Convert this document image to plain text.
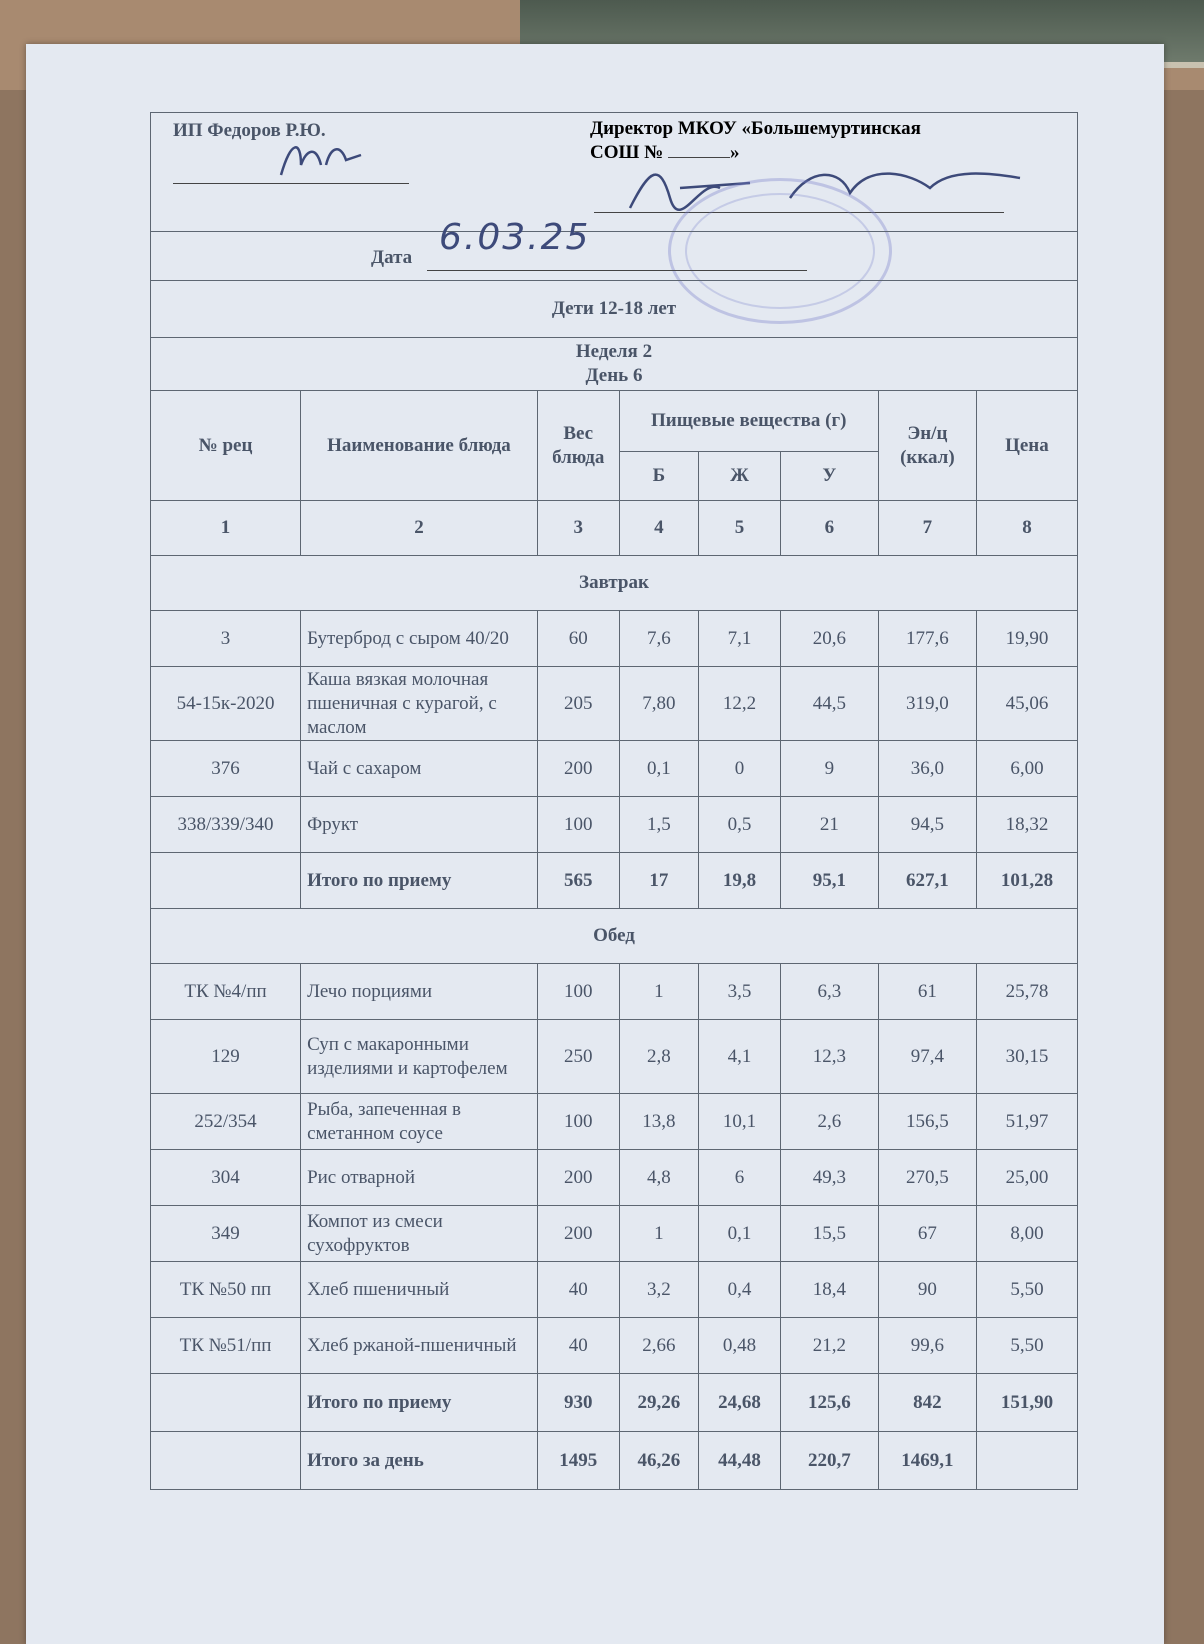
Директор МКОУ «Большемуртинская
СОШ №	»
ИП Федоров Р.Ю.							

Дата 6.03.25							

Дети 12-18 лет							

Неделя 2
День 6							

№ рец	Наименование блюда	Вес блюда	Пищевые вещества (г)			Эн/ц (ккал)	Цена
			Б	Ж	У		
1	2	3	4	5	6	7	8
Завтрак							
3	Бутерброд с сыром 40/20	60	7,6	7,1	20,6	177,6	19,90
54-15к-2020	Каша вязкая молочная пшеничная с курагой, с маслом	205	7,80	12,2	44,5	319,0	45,06
376	Чай с сахаром	200	0,1	0	9	36,0	6,00
338/339/340	Фрукт	100	1,5	0,5	21	94,5	18,32
	Итого по приему	565	17	19,8	95,1	627,1	101,28
Обед							
ТК №4/пп	Лечо порциями	100	1	3,5	6,3	61	25,78
129	Суп с макаронными изделиями и картофелем	250	2,8	4,1	12,3	97,4	30,15
252/354	Рыба, запеченная в сметанном соусе	100	13,8	10,1	2,6	156,5	51,97
304	Рис отварной	200	4,8	6	49,3	270,5	25,00
349	Компот из смеси сухофруктов	200	1	0,1	15,5	67	8,00
ТК №50 пп	Хлеб пшеничный	40	3,2	0,4	18,4	90	5,50
ТК №51/пп	Хлеб ржаной-пшеничный	40	2,66	0,48	21,2	99,6	5,50
	Итого по приему	930	29,26	24,68	125,6	842	151,90
	Итого за день	1495	46,26	44,48	220,7	1469,1	
